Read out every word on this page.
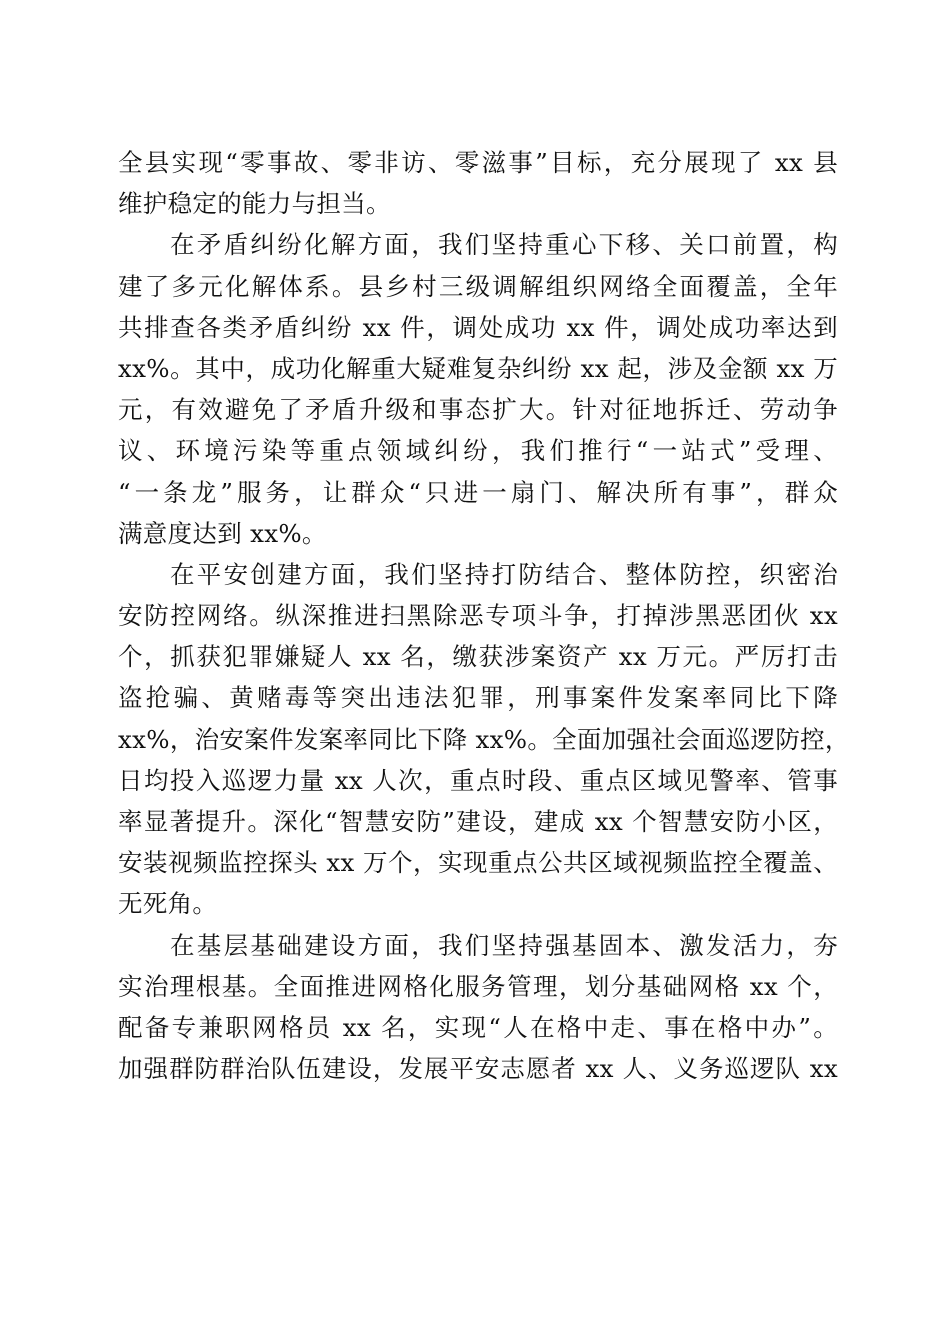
全县实现“零事故、零非访、零滋事”目标，充分展现了 xx 县
维护稳定的能力与担当。
在矛盾纠纷化解方面，我们坚持重心下移、关口前置，构
建了多元化解体系。县乡村三级调解组织网络全面覆盖，全年
共排查各类矛盾纠纷 xx 件，调处成功 xx 件，调处成功率达到
xx%。其中，成功化解重大疑难复杂纠纷 xx 起，涉及金额 xx 万
元，有效避免了矛盾升级和事态扩大。针对征地拆迁、劳动争
议、环境污染等重点领域纠纷，我们推行“一站式”受理、
“一条龙”服务，让群众“只进一扇门、解决所有事”，群众
满意度达到 xx%。
在平安创建方面，我们坚持打防结合、整体防控，织密治
安防控网络。纵深推进扫黑除恶专项斗争，打掉涉黑恶团伙 xx
个，抓获犯罪嫌疑人 xx 名，缴获涉案资产 xx 万元。严厉打击
盗抢骗、黄赌毒等突出违法犯罪，刑事案件发案率同比下降
xx%，治安案件发案率同比下降 xx%。全面加强社会面巡逻防控，
日均投入巡逻力量 xx 人次，重点时段、重点区域见警率、管事
率显著提升。深化“智慧安防”建设，建成 xx 个智慧安防小区，
安装视频监控探头 xx 万个，实现重点公共区域视频监控全覆盖、
无死角。
在基层基础建设方面，我们坚持强基固本、激发活力，夯
实治理根基。全面推进网格化服务管理，划分基础网格 xx 个，
配备专兼职网格员 xx 名，实现“人在格中走、事在格中办”。
加强群防群治队伍建设，发展平安志愿者 xx 人、义务巡逻队 xx
